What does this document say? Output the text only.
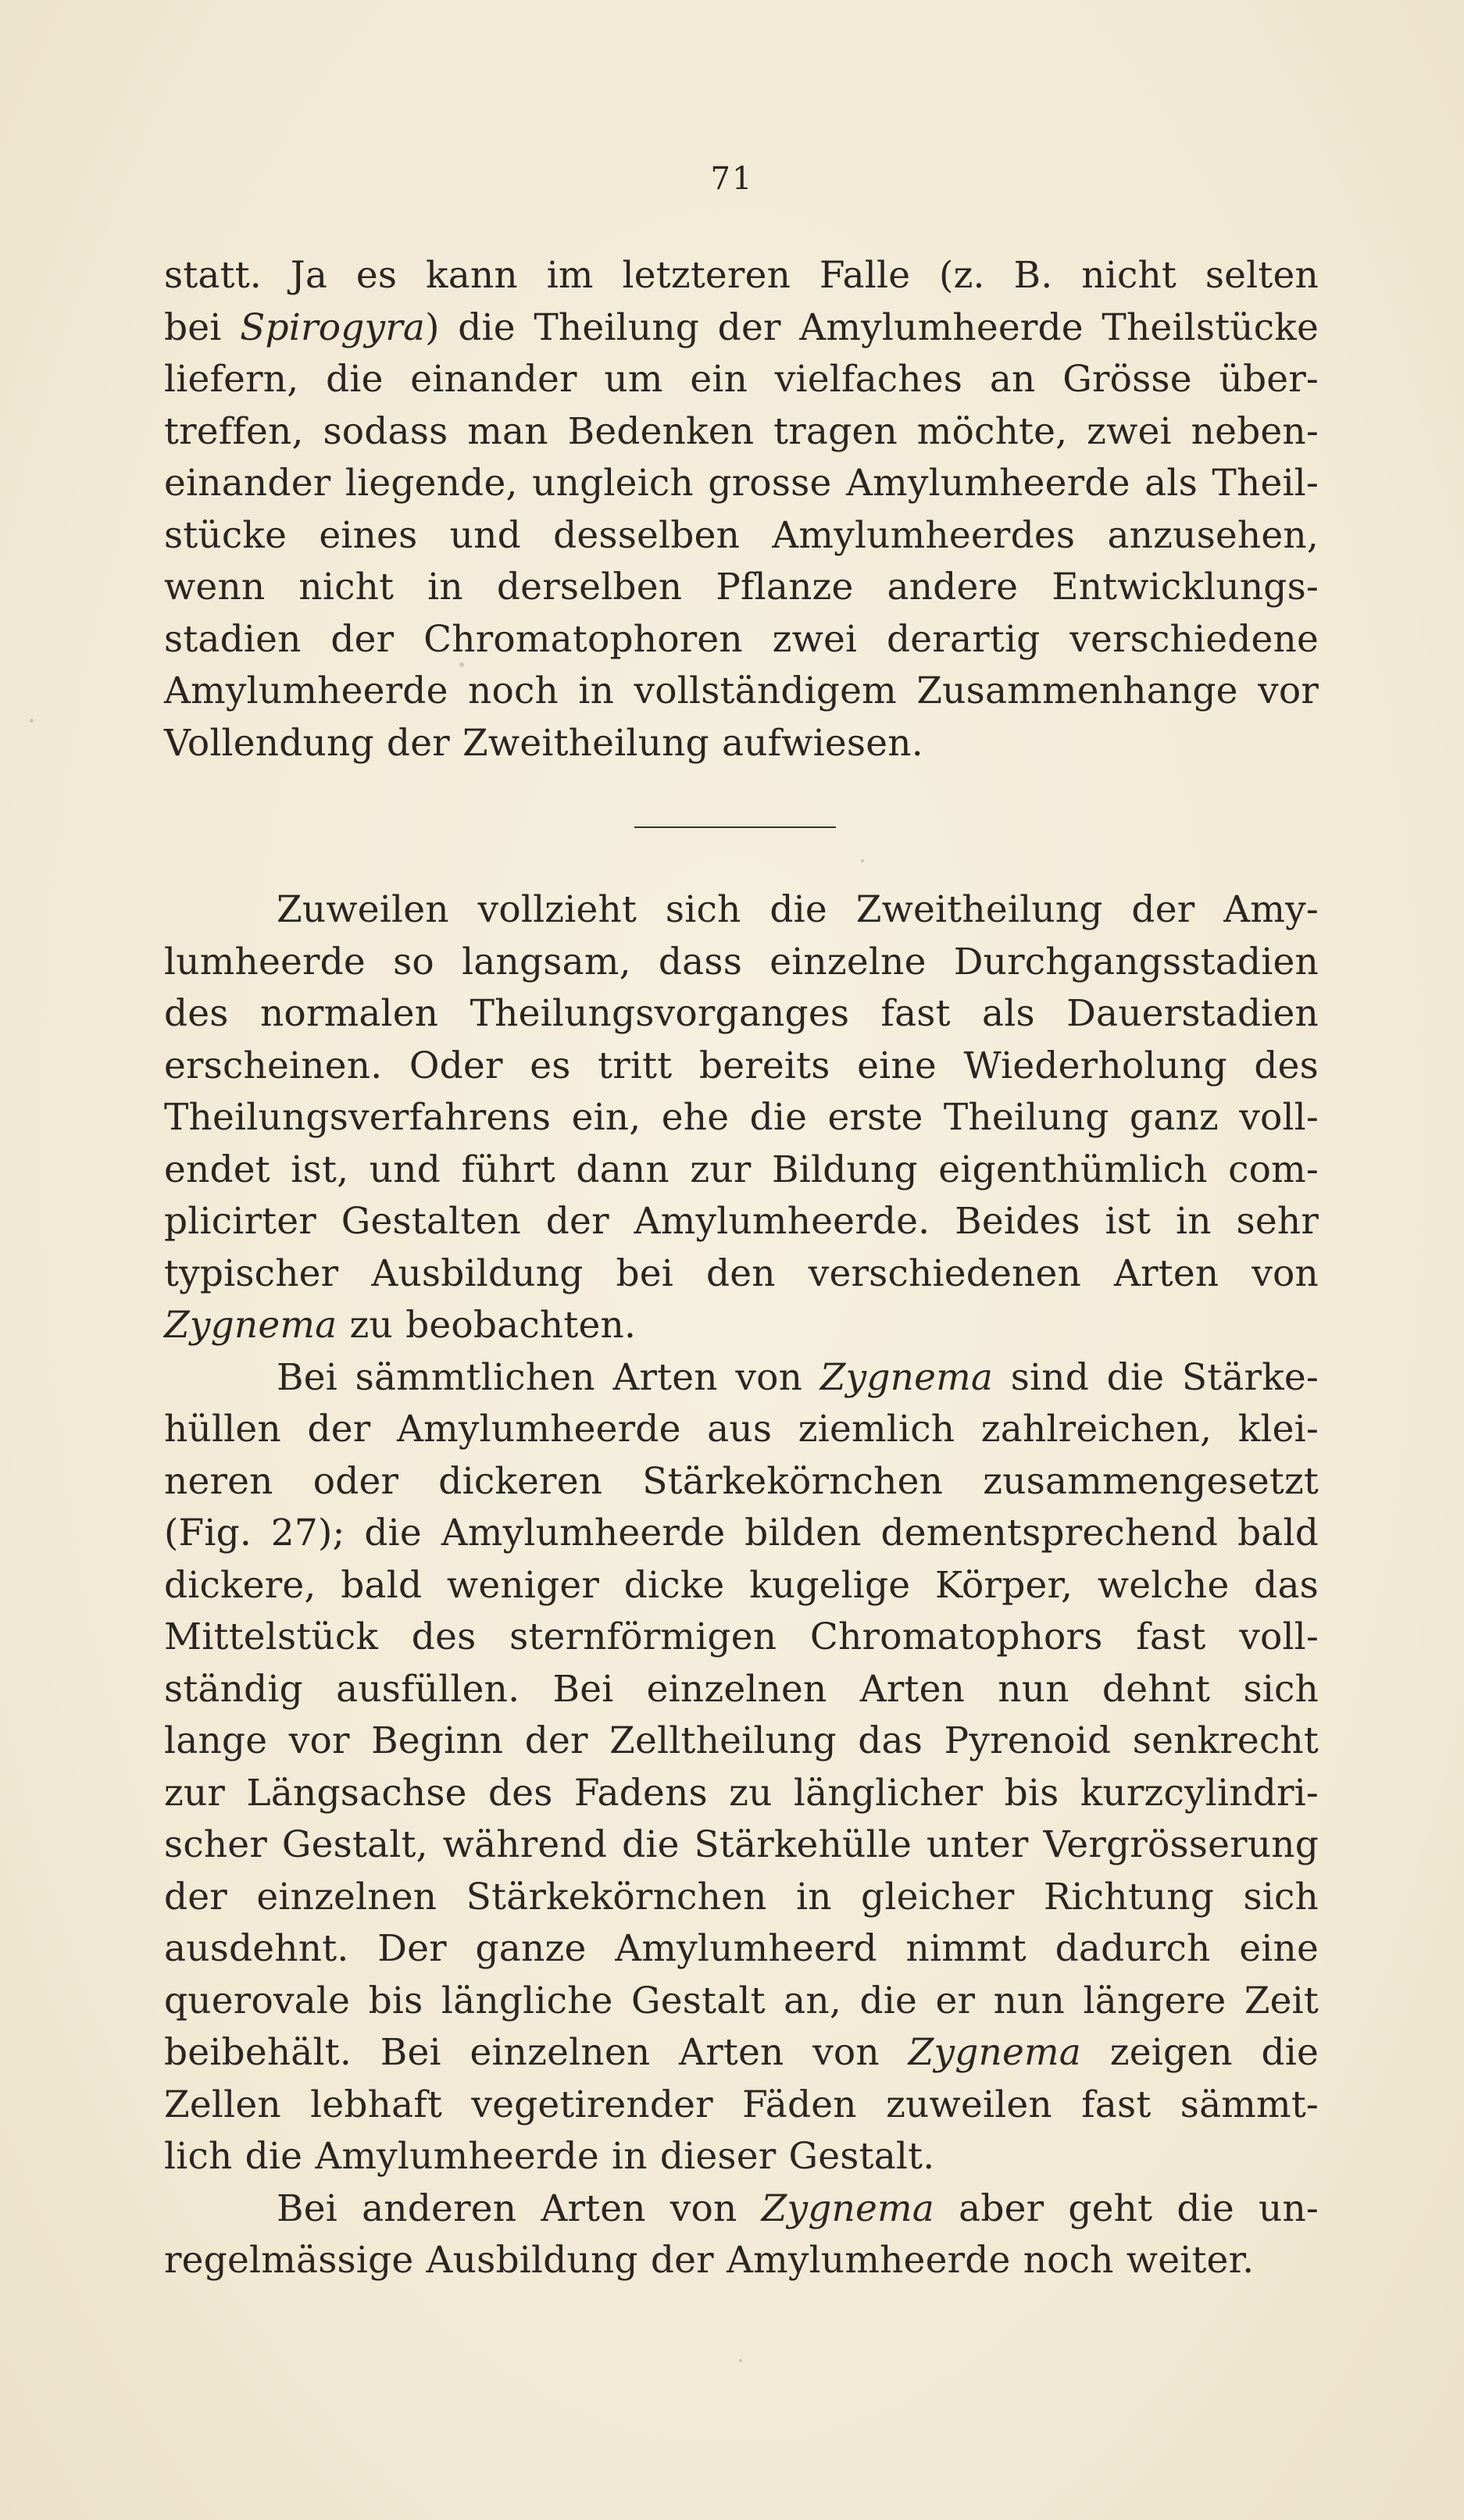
71
statt. Ja es kann im letzteren Falle (z. B. nicht selten
bei Spirogyra) die Theilung der Amylumheerde Theilstücke
liefern, die einander um ein vielfaches an Grösse über-
treffen, sodass man Bedenken tragen möchte, zwei neben-
einander liegende, ungleich grosse Amylumheerde als Theil-
stücke eines und desselben Amylumheerdes anzusehen,
wenn nicht in derselben Pflanze andere Entwicklungs-
stadien der Chromatophoren zwei derartig verschiedene
Amylumheerde noch in vollständigem Zusammenhange vor
Vollendung der Zweitheilung aufwiesen.
Zuweilen vollzieht sich die Zweitheilung der Amy-
lumheerde so langsam, dass einzelne Durchgangsstadien
des normalen Theilungsvorganges fast als Dauerstadien
erscheinen. Oder es tritt bereits eine Wiederholung des
Theilungsverfahrens ein, ehe die erste Theilung ganz voll-
endet ist, und führt dann zur Bildung eigenthümlich com-
plicirter Gestalten der Amylumheerde. Beides ist in sehr
typischer Ausbildung bei den verschiedenen Arten von
Zygnema zu beobachten.
Bei sämmtlichen Arten von Zygnema sind die Stärke-
hüllen der Amylumheerde aus ziemlich zahlreichen, klei-
neren oder dickeren Stärkekörnchen zusammengesetzt
(Fig. 27); die Amylumheerde bilden dementsprechend bald
dickere, bald weniger dicke kugelige Körper, welche das
Mittelstück des sternförmigen Chromatophors fast voll-
ständig ausfüllen. Bei einzelnen Arten nun dehnt sich
lange vor Beginn der Zelltheilung das Pyrenoid senkrecht
zur Längsachse des Fadens zu länglicher bis kurzcylindri-
scher Gestalt, während die Stärkehülle unter Vergrösserung
der einzelnen Stärkekörnchen in gleicher Richtung sich
ausdehnt. Der ganze Amylumheerd nimmt dadurch eine
querovale bis längliche Gestalt an, die er nun längere Zeit
beibehält. Bei einzelnen Arten von Zygnema zeigen die
Zellen lebhaft vegetirender Fäden zuweilen fast sämmt-
lich die Amylumheerde in dieser Gestalt.
Bei anderen Arten von Zygnema aber geht die un-
regelmässige Ausbildung der Amylumheerde noch weiter.
